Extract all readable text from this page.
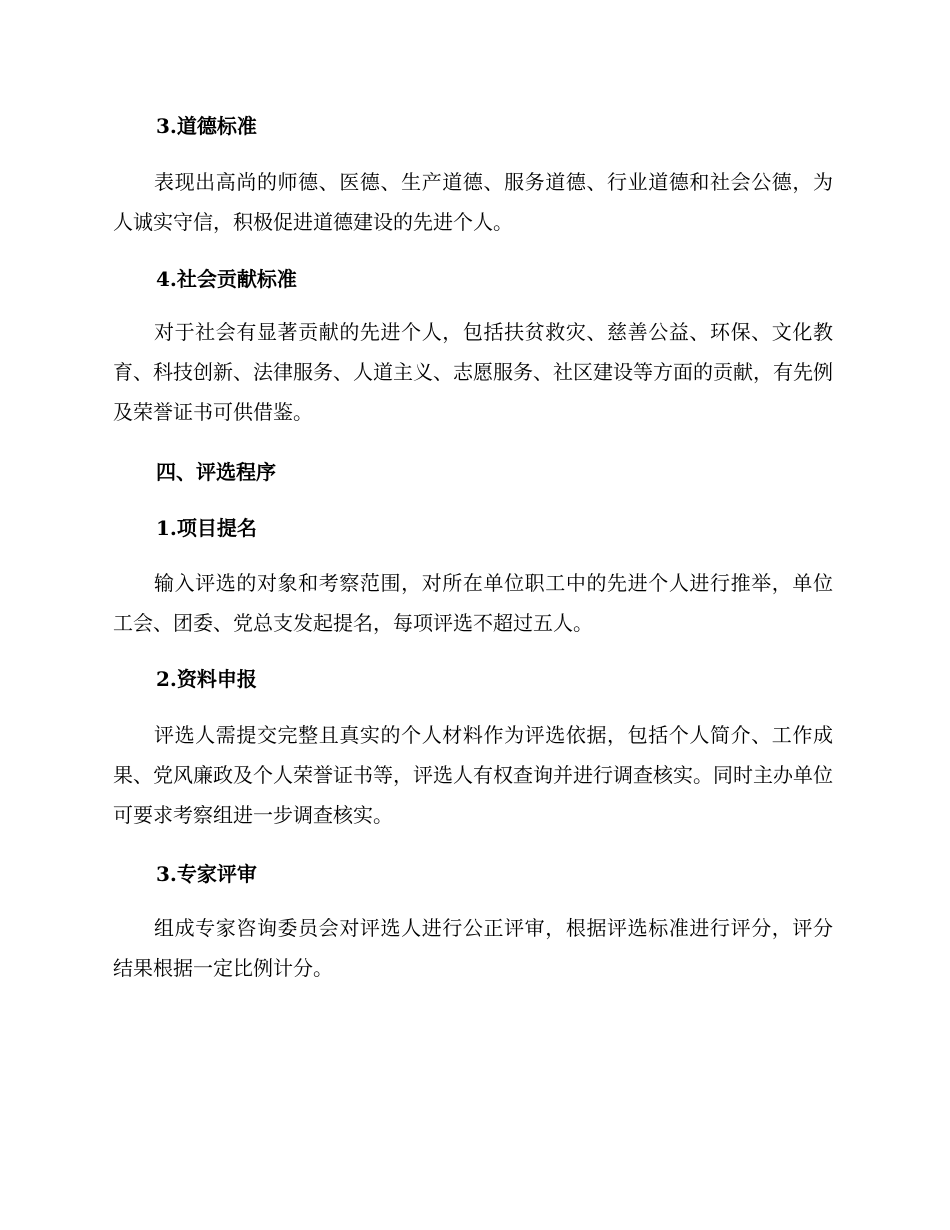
3.道德标准

表现出高尚的师德、医德、生产道德、服务道德、行业道德和社会公德，为人诚实守信，积极促进道德建设的先进个人。

4.社会贡献标准

对于社会有显著贡献的先进个人，包括扶贫救灾、慈善公益、环保、文化教育、科技创新、法律服务、人道主义、志愿服务、社区建设等方面的贡献，有先例及荣誉证书可供借鉴。

四、评选程序
1.项目提名

输入评选的对象和考察范围，对所在单位职工中的先进个人进行推举，单位工会、团委、党总支发起提名，每项评选不超过五人。

2.资料申报

评选人需提交完整且真实的个人材料作为评选依据，包括个人简介、工作成果、党风廉政及个人荣誉证书等，评选人有权查询并进行调查核实。同时主办单位可要求考察组进一步调查核实。

3.专家评审

组成专家咨询委员会对评选人进行公正评审，根据评选标准进行评分，评分结果根据一定比例计分。
